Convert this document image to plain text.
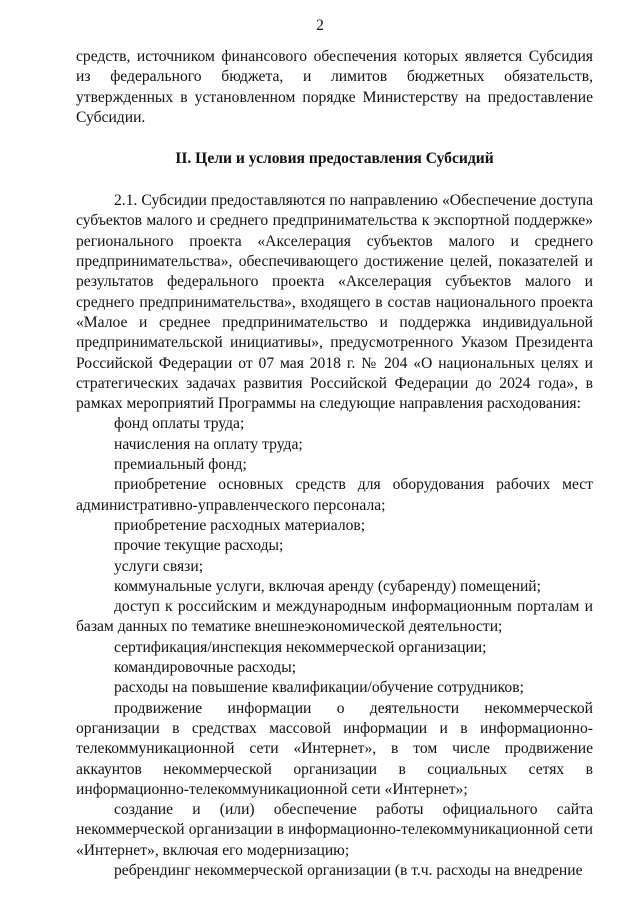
2

средств, источником финансового обеспечения которых является Субсидия из федерального бюджета, и лимитов бюджетных обязательств, утвержденных в установленном порядке Министерству на предоставление Субсидии.

II. Цели и условия предоставления Субсидий

2.1. Субсидии предоставляются по направлению «Обеспечение доступа субъектов малого и среднего предпринимательства к экспортной поддержке» регионального проекта «Акселерация субъектов малого и среднего предпринимательства», обеспечивающего достижение целей, показателей и результатов федерального проекта «Акселерация субъектов малого и среднего предпринимательства», входящего в состав национального проекта «Малое и среднее предпринимательство и поддержка индивидуальной предпринимательской инициативы», предусмотренного Указом Президента Российской Федерации от 07 мая 2018 г. № 204 «О национальных целях и стратегических задачах развития Российской Федерации до 2024 года», в рамках мероприятий Программы на следующие направления расходования:

фонд оплаты труда;

начисления на оплату труда;

премиальный фонд;

приобретение основных средств для оборудования рабочих мест административно-управленческого персонала;

приобретение расходных материалов;

прочие текущие расходы;

услуги связи;

коммунальные услуги, включая аренду (субаренду) помещений;

доступ к российским и международным информационным порталам и базам данных по тематике внешнеэкономической деятельности;

сертификация/инспекция некоммерческой организации;

командировочные расходы;

расходы на повышение квалификации/обучение сотрудников;

продвижение информации о деятельности некоммерческой организации в средствах массовой информации и в информационно-телекоммуникационной сети «Интернет», в том числе продвижение аккаунтов некоммерческой организации в социальных сетях в информационно-телекоммуникационной сети «Интернет»;

создание и (или) обеспечение работы официального сайта некоммерческой организации в информационно-телекоммуникационной сети «Интернет», включая его модернизацию;

ребрендинг некоммерческой организации (в т.ч. расходы на внедрение
